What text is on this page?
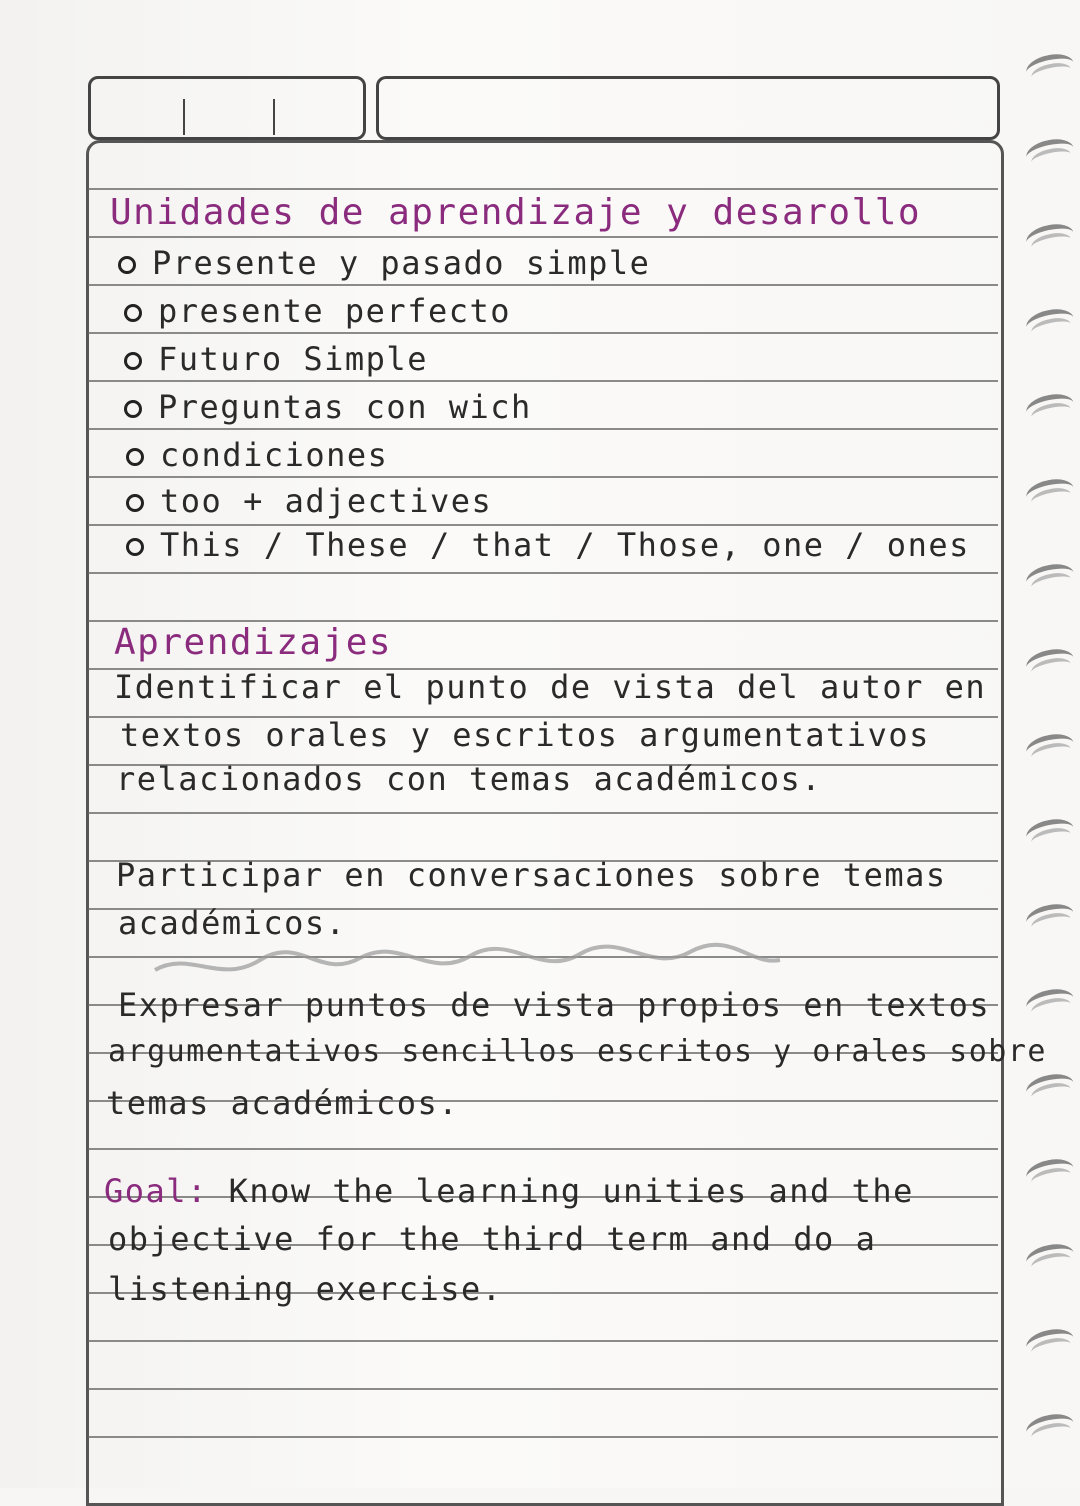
Unidades de aprendizaje y desarollo
Presente y pasado simple
presente perfecto
Futuro Simple
Preguntas con wich
condiciones
too + adjectives
This / These / that / Those, one / ones
Aprendizajes
Identificar el punto de vista del autor en
textos orales y escritos argumentativos
relacionados con temas académicos.
Participar en conversaciones sobre temas
académicos.
Expresar puntos de vista propios en textos
argumentativos sencillos escritos y orales sobre
temas académicos.
Goal: Know the learning unities and the
objective for the third term and do a
listening exercise.
